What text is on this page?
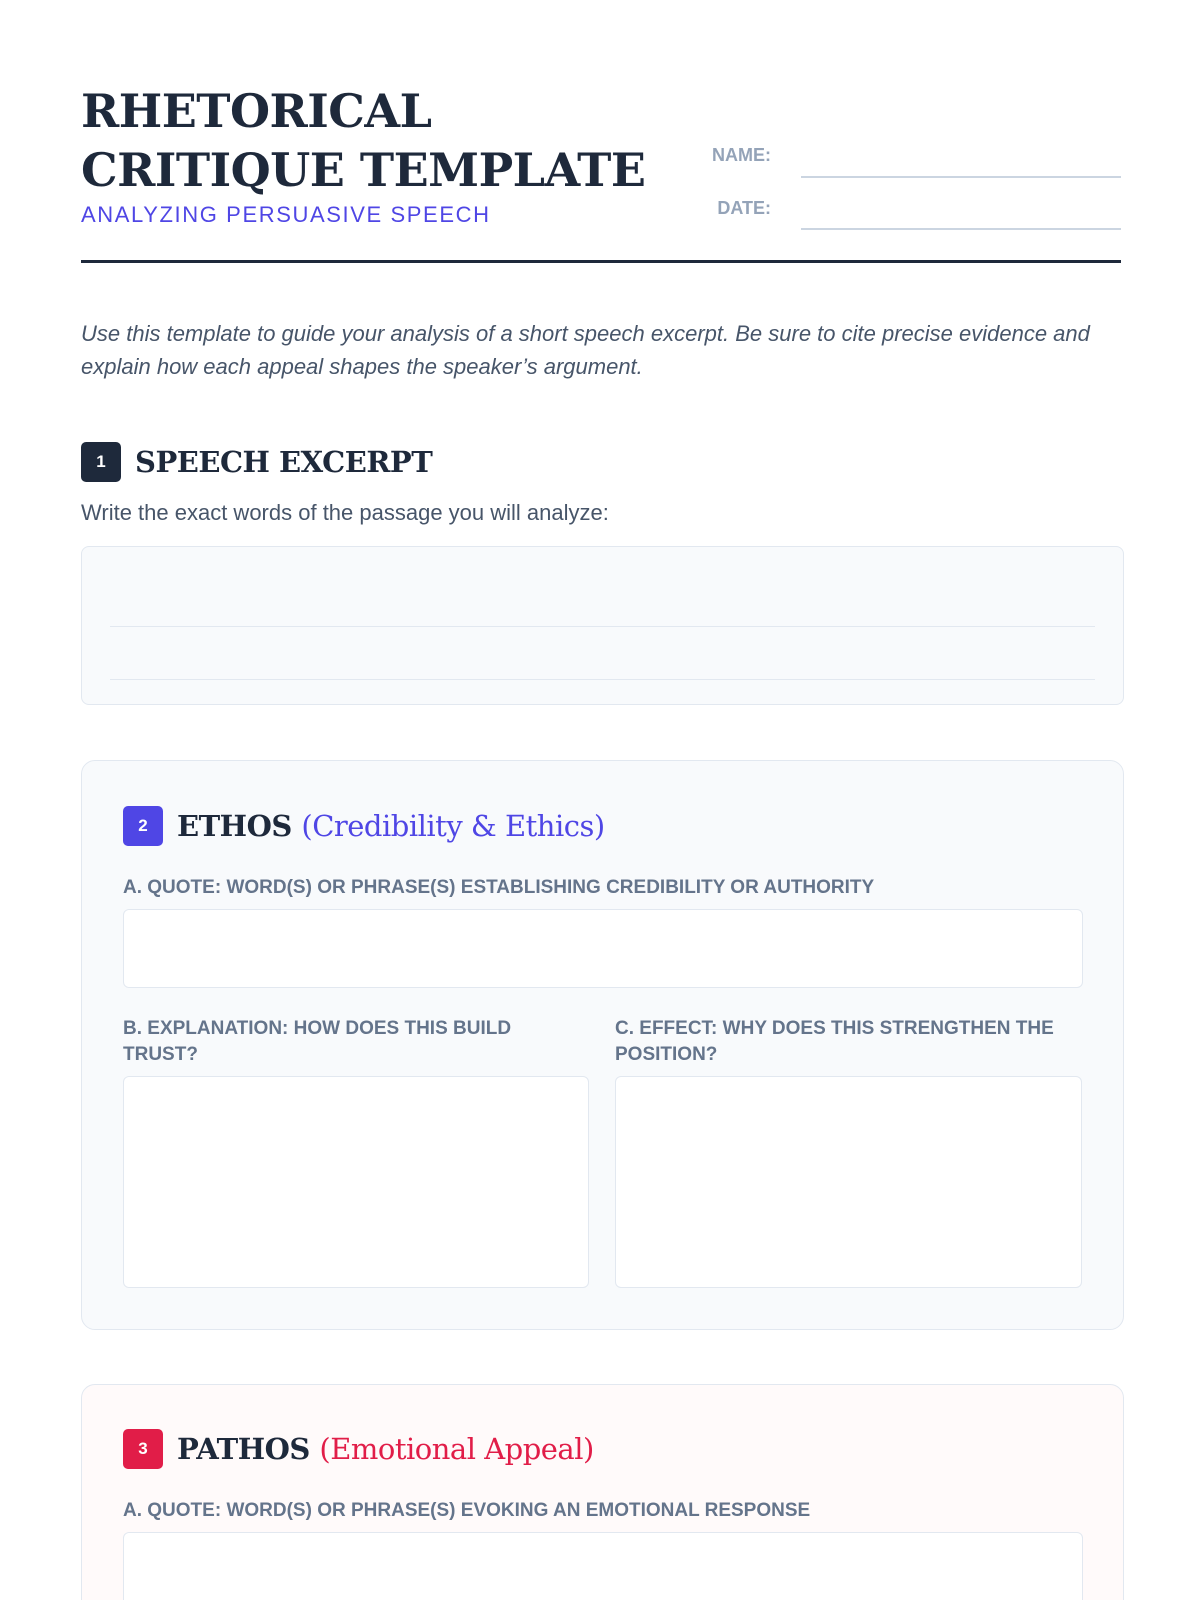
RHETORICAL CRITIQUE TEMPLATE
ANALYZING PERSUASIVE SPEECH
NAME:
DATE:
Use this template to guide your analysis of a short speech excerpt. Be sure to cite precise evidence and explain how each appeal shapes the speaker’s argument.
1	SPEECH EXCERPT
Write the exact words of the passage you will analyze:
2	ETHOS (Credibility & Ethics)
A. QUOTE: WORD(S) OR PHRASE(S) ESTABLISHING CREDIBILITY OR AUTHORITY
B. EXPLANATION: HOW DOES THIS BUILD TRUST?
C. EFFECT: WHY DOES THIS STRENGTHEN THE POSITION?
3	PATHOS (Emotional Appeal)
A. QUOTE: WORD(S) OR PHRASE(S) EVOKING AN EMOTIONAL RESPONSE
